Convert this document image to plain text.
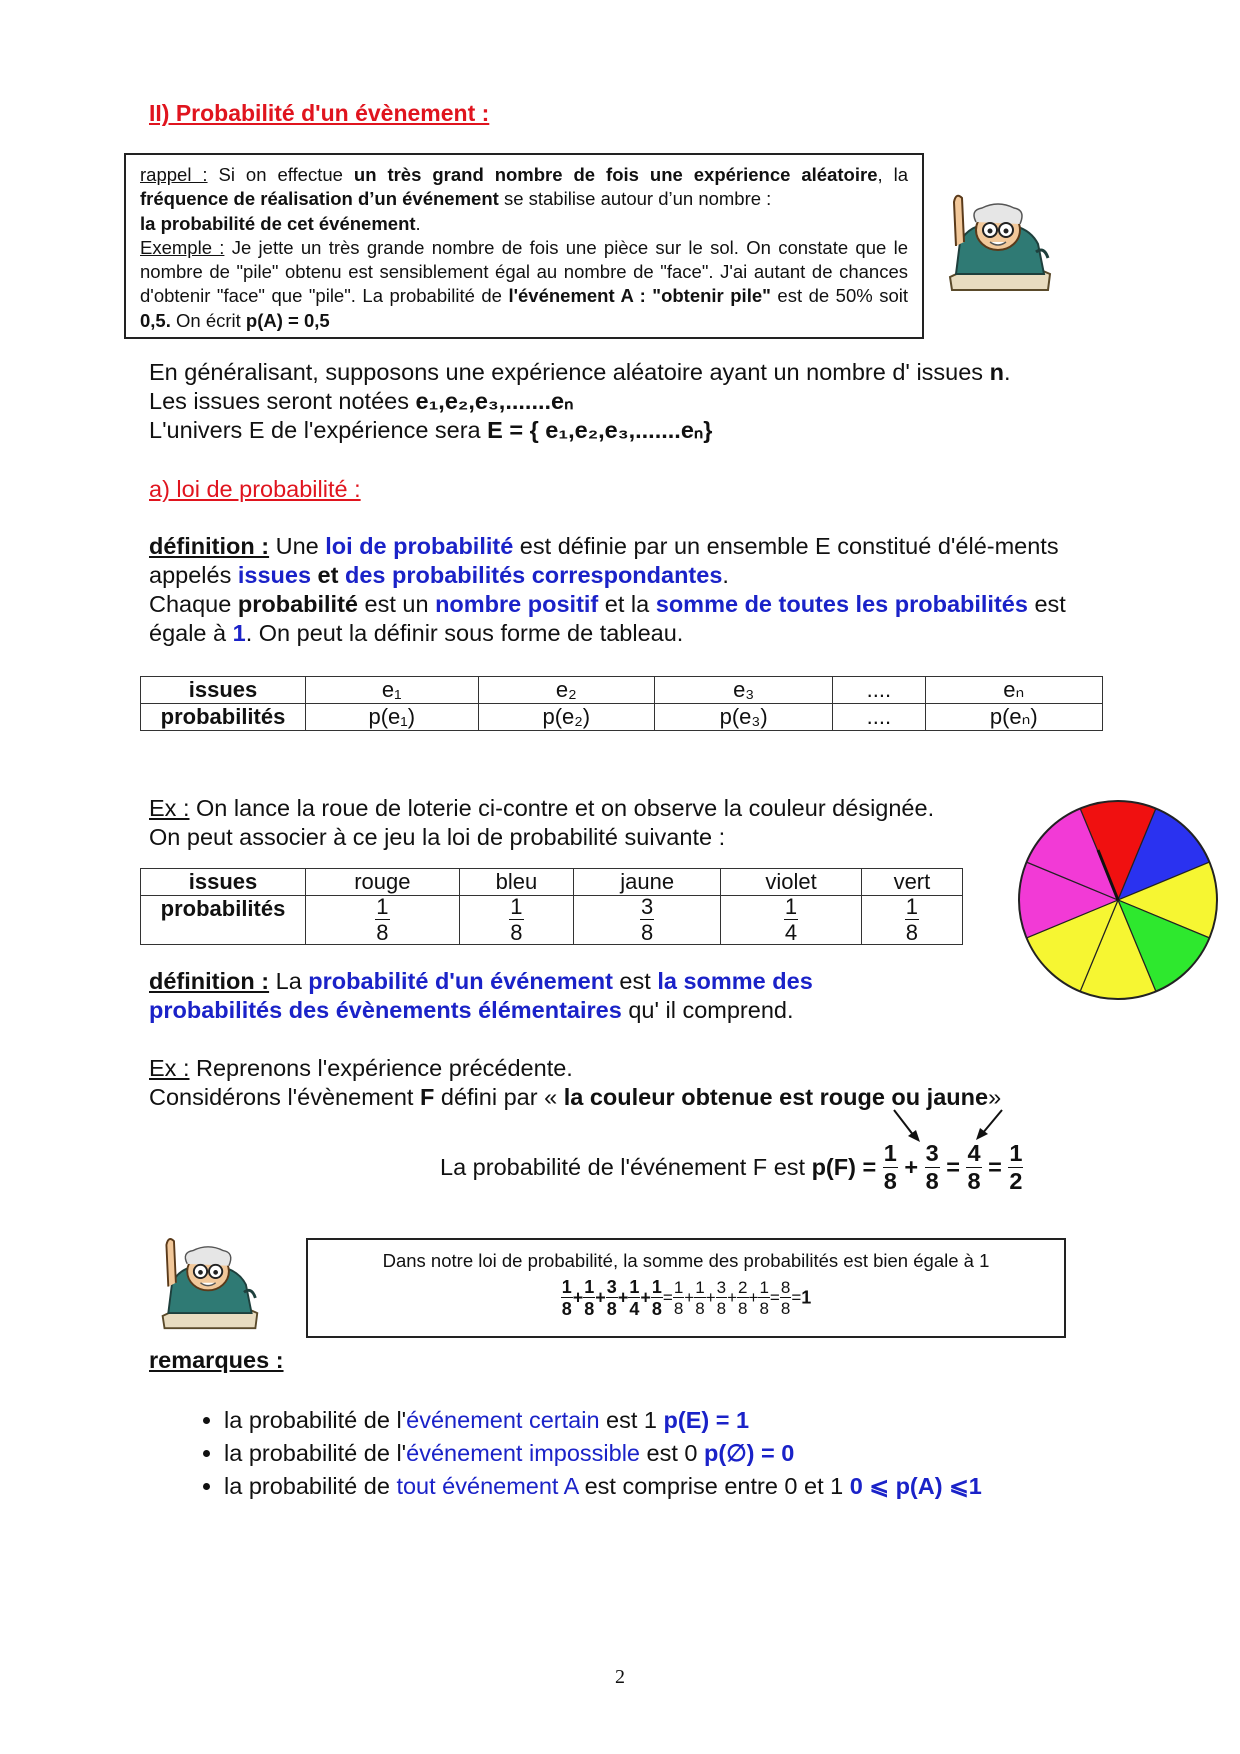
II) Probabilité d'un évènement :

rappel : Si on effectue un très grand nombre de fois une expérience aléatoire, la fréquence de réalisation d’un événement se stabilise autour d’un nombre :
la probabilité de cet événement.

Exemple : Je jette un très grande nombre de fois une pièce sur le sol. On constate que le nombre de "pile" obtenu est sensiblement égal au nombre de "face". J'ai autant de chances d'obtenir "face" que "pile". La probabilité de l'événement A : "obtenir pile" est de 50% soit 0,5. On écrit p(A) = 0,5

En généralisant, supposons une expérience aléatoire ayant un nombre d' issues n.

Les issues seront notées e₁,e₂,e₃,.......eₙ

L'univers E de l'expérience sera E = { e₁,e₂,e₃,.......eₙ}

a) loi de probabilité :

définition : Une loi de probabilité est définie par un ensemble E constitué d'élé-ments appelés issues et des probabilités correspondantes.

Chaque probabilité est un nombre positif et la somme de toutes les probabilités est égale à 1. On peut la définir sous forme de tableau.

issues	e₁	e₂	e₃	....	eₙ
probabilités	p(e₁)	p(e₂)	p(e₃)	....	p(eₙ)

Ex : On lance la roue de loterie ci-contre et on observe la couleur désignée.

On peut associer à ce jeu la loi de probabilité suivante :

issues	rouge	bleu	jaune	violet	vert
probabilités	$\frac{1}{8}$	$\frac{1}{8}$	$\frac{3}{8}$	$\frac{1}{4}$	$\frac{1}{8}$

définition : La probabilité d'un événement est la somme des probabilités des évènements élémentaires qu' il comprend.

Ex : Reprenons l'expérience précédente.

Considérons l'évènement F défini par « la couleur obtenue est rouge ou jaune»

La probabilité de l'événement F est $p(F) = \frac{1}{8} + \frac{3}{8} = \frac{4}{8} = \frac{1}{2}$
Dans notre loi de probabilité, la somme des probabilités est bien égale à 1
$\frac{1}{8} + \frac{1}{8} + \frac{3}{8} + \frac{1}{4} + \frac{1}{8} = \frac{1}{8} + \frac{1}{8} + \frac{3}{8} + \frac{2}{8} + \frac{1}{8} = \frac{8}{8} =1$
remarques :
• la probabilité de l'événement certain est 1 p(E) = 1
• la probabilité de l'événement impossible est 0 p(∅) = 0
• la probabilité de tout événement A est comprise entre 0 et 1 0 ⩽ p(A) ⩽1
2
